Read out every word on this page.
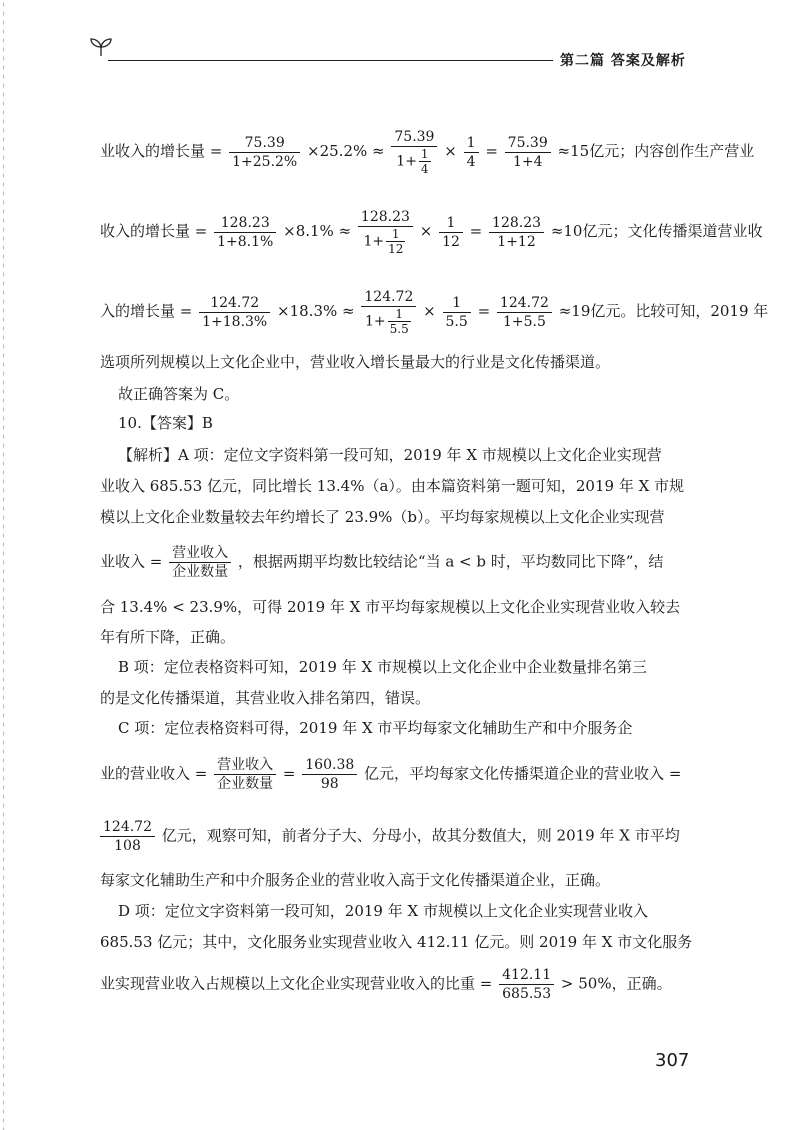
第二篇 答案及解析
业收入的增长量 = $\frac{75.39}{1+25.2\%} \times 25.2\% \approx \frac{75.39}{1+ \frac{1}{4}} \times \frac{1}{4} = \frac{75.39}{1+4} \approx 15$亿元；内容创作生产营业
收入的增长量 = $\frac{128.23}{1+8.1\%} \times 8.1\% \approx \frac{128.23}{1+ \frac{1}{12}} \times \frac{1}{12} = \frac{128.23}{1+12} \approx 10$亿元；文化传播渠道营业收
入的增长量 = $\frac{124.72}{1+18.3\%} \times 18.3\% \approx \frac{124.72}{1+ \frac{1}{5.5}} \times \frac{1}{5.5} = \frac{124.72}{1+5.5} \approx 19$亿元。比较可知，2019 年
选项所列规模以上文化企业中，营业收入增长量最大的行业是文化传播渠道。
故正确答案为 C。
10.【答案】B
【解析】A 项：定位文字资料第一段可知，2019 年 X 市规模以上文化企业实现营
业收入 685.53 亿元，同比增长 13.4%（a）。由本篇资料第一题可知，2019 年 X 市规
模以上文化企业数量较去年约增长了 23.9%（b）。平均每家规模以上文化企业实现营
业收入 = $\frac{\text{营业收入}}{\text{企业数量}}$ ，根据两期平均数比较结论“当 a < b 时，平均数同比下降”，结
合 13.4% < 23.9%，可得 2019 年 X 市平均每家规模以上文化企业实现营业收入较去
年有所下降，正确。
B 项：定位表格资料可知，2019 年 X 市规模以上文化企业中企业数量排名第三
的是文化传播渠道，其营业收入排名第四，错误。
C 项：定位表格资料可得，2019 年 X 市平均每家文化辅助生产和中介服务企
业的营业收入 = $\frac{\text{营业收入}}{\text{企业数量}} = \frac{160.38}{98}$ 亿元，平均每家文化传播渠道企业的营业收入 =
$\frac{124.72}{108}$ 亿元，观察可知，前者分子大、分母小，故其分数值大，则 2019 年 X 市平均
每家文化辅助生产和中介服务企业的营业收入高于文化传播渠道企业，正确。
D 项：定位文字资料第一段可知，2019 年 X 市规模以上文化企业实现营业收入
685.53 亿元；其中，文化服务业实现营业收入 412.11 亿元。则 2019 年 X 市文化服务
业实现营业收入占规模以上文化企业实现营业收入的比重 = $\frac{412.11}{685.53} > 50\%$，正确。
307
